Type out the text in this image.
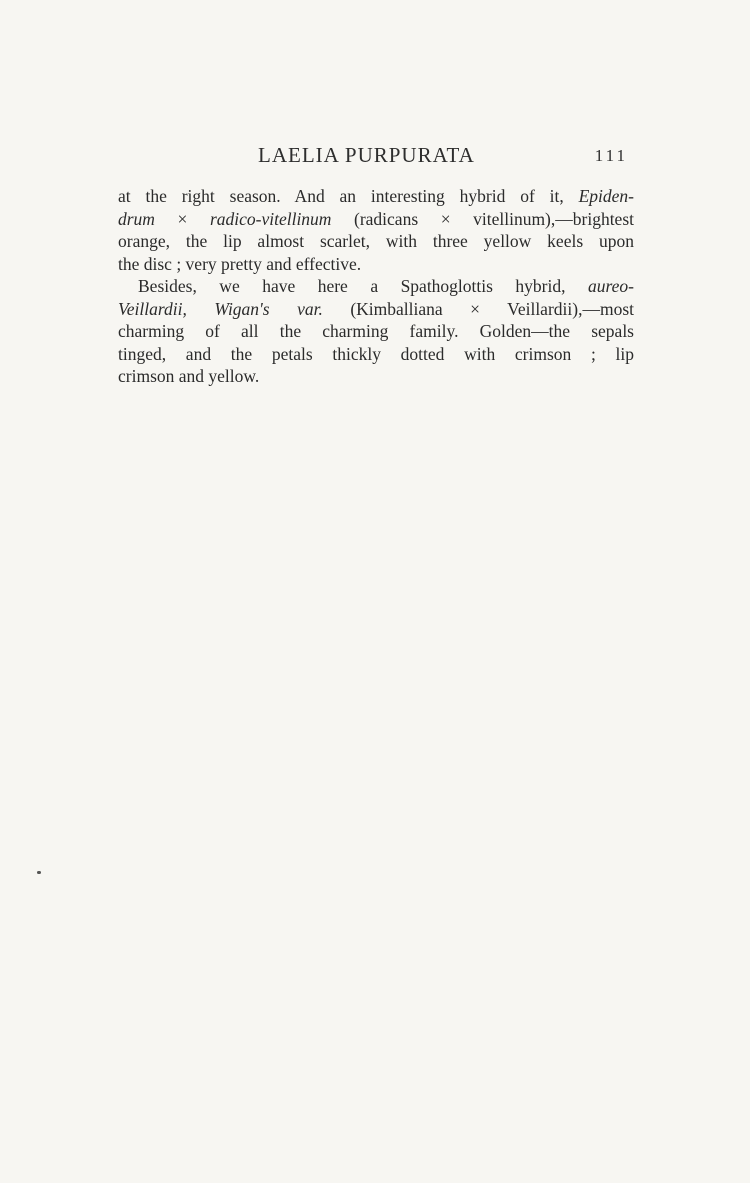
LAELIA PURPURATA	111

at the right season. And an interesting hybrid of it, Epiden-
drum × radico-vitellinum (radicans × vitellinum),—brightest
orange, the lip almost scarlet, with three yellow keels upon
the disc ; very pretty and effective.

Besides, we have here a Spathoglottis hybrid, aureo-
Veillardii, Wigan's var. (Kimballiana × Veillardii),—most
charming of all the charming family. Golden—the sepals
tinged, and the petals thickly dotted with crimson ; lip
crimson and yellow.
